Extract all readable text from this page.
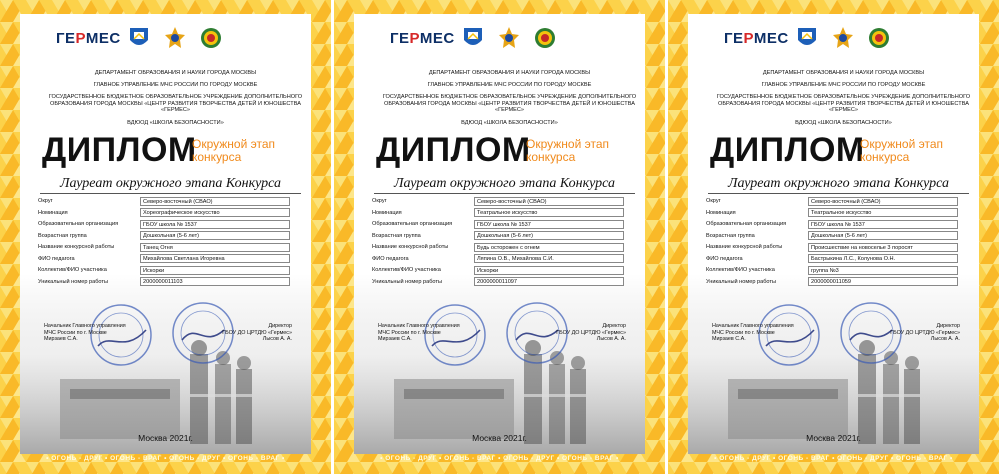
ГЕРМЕС
ДЕПАРТАМЕНТ ОБРАЗОВАНИЯ И НАУКИ ГОРОДА МОСКВЫ
ГЛАВНОЕ УПРАВЛЕНИЕ МЧС РОССИИ ПО ГОРОДУ МОСКВЕ
ГОСУДАРСТВЕННОЕ БЮДЖЕТНОЕ ОБРАЗОВАТЕЛЬНОЕ УЧРЕЖДЕНИЕ ДОПОЛНИТЕЛЬНОГО ОБРАЗОВАНИЯ ГОРОДА МОСКВЫ «ЦЕНТР РАЗВИТИЯ ТВОРЧЕСТВА ДЕТЕЙ И ЮНОШЕСТВА «ГЕРМЕС»
ВДЮОД «ШКОЛА БЕЗОПАСНОСТИ»
ДИПЛОМ
Окружной этап
конкурса
Лауреат окружного этапа Конкурса
Округ	Северо-восточный (СВАО)
Номинация	Хореографическое искусство
Образовательная организация	ГБОУ школа № 1537
Возрастная группа	Дошкольная (5-6 лет)
Название конкурсной работы	Танец Огня
ФИО педагога	Михайлова Светлана Игоревна
Коллектив/ФИО участника	Искорки
Уникальный номер работы	2000000011103
Начальник Главного управления
МЧС России по г. Москве
Мирзаев С.А.
Директор
ГБОУ ДО ЦРТДЮ «Гермес»
Лысов А. А.
Москва 2021г.
• ОГОНЬ - ДРУГ • ОГОНЬ - ВРАГ • ОГОНЬ - ДРУГ • ОГОНЬ - ВРАГ •
ГЕРМЕС
ДЕПАРТАМЕНТ ОБРАЗОВАНИЯ И НАУКИ ГОРОДА МОСКВЫ
ГЛАВНОЕ УПРАВЛЕНИЕ МЧС РОССИИ ПО ГОРОДУ МОСКВЕ
ГОСУДАРСТВЕННОЕ БЮДЖЕТНОЕ ОБРАЗОВАТЕЛЬНОЕ УЧРЕЖДЕНИЕ ДОПОЛНИТЕЛЬНОГО ОБРАЗОВАНИЯ ГОРОДА МОСКВЫ «ЦЕНТР РАЗВИТИЯ ТВОРЧЕСТВА ДЕТЕЙ И ЮНОШЕСТВА «ГЕРМЕС»
ВДЮОД «ШКОЛА БЕЗОПАСНОСТИ»
ДИПЛОМ
Окружной этап
конкурса
Лауреат окружного этапа Конкурса
Округ	Северо-восточный (СВАО)
Номинация	Театральное искусство
Образовательная организация	ГБОУ школа № 1537
Возрастная группа	Дошкольная (5-6 лет)
Название конкурсной работы	Будь осторожен с огнем
ФИО педагога	Ляпина О.В., Михайлова С.И.
Коллектив/ФИО участника	Искорки
Уникальный номер работы	2000000011097
Начальник Главного управления
МЧС России по г. Москве
Мирзаев С.А.
Директор
ГБОУ ДО ЦРТДЮ «Гермес»
Лысов А. А.
Москва 2021г.
• ОГОНЬ - ДРУГ • ОГОНЬ - ВРАГ • ОГОНЬ - ДРУГ • ОГОНЬ - ВРАГ •
ГЕРМЕС
ДЕПАРТАМЕНТ ОБРАЗОВАНИЯ И НАУКИ ГОРОДА МОСКВЫ
ГЛАВНОЕ УПРАВЛЕНИЕ МЧС РОССИИ ПО ГОРОДУ МОСКВЕ
ГОСУДАРСТВЕННОЕ БЮДЖЕТНОЕ ОБРАЗОВАТЕЛЬНОЕ УЧРЕЖДЕНИЕ ДОПОЛНИТЕЛЬНОГО ОБРАЗОВАНИЯ ГОРОДА МОСКВЫ «ЦЕНТР РАЗВИТИЯ ТВОРЧЕСТВА ДЕТЕЙ И ЮНОШЕСТВА «ГЕРМЕС»
ВДЮОД «ШКОЛА БЕЗОПАСНОСТИ»
ДИПЛОМ
Окружной этап
конкурса
Лауреат окружного этапа Конкурса
Округ	Северо-восточный (СВАО)
Номинация	Театральное искусство
Образовательная организация	ГБОУ школа № 1537
Возрастная группа	Дошкольная (5-6 лет)
Название конкурсной работы	Происшествие на новоселье 3 поросят
ФИО педагога	Бастрыкина Л.С., Колунова О.Н.
Коллектив/ФИО участника	группа №3
Уникальный номер работы	2000000011059
Начальник Главного управления
МЧС России по г. Москве
Мирзаев С.А.
Директор
ГБОУ ДО ЦРТДЮ «Гермес»
Лысов А. А.
Москва 2021г.
• ОГОНЬ - ДРУГ • ОГОНЬ - ВРАГ • ОГОНЬ - ДРУГ • ОГОНЬ - ВРАГ •
